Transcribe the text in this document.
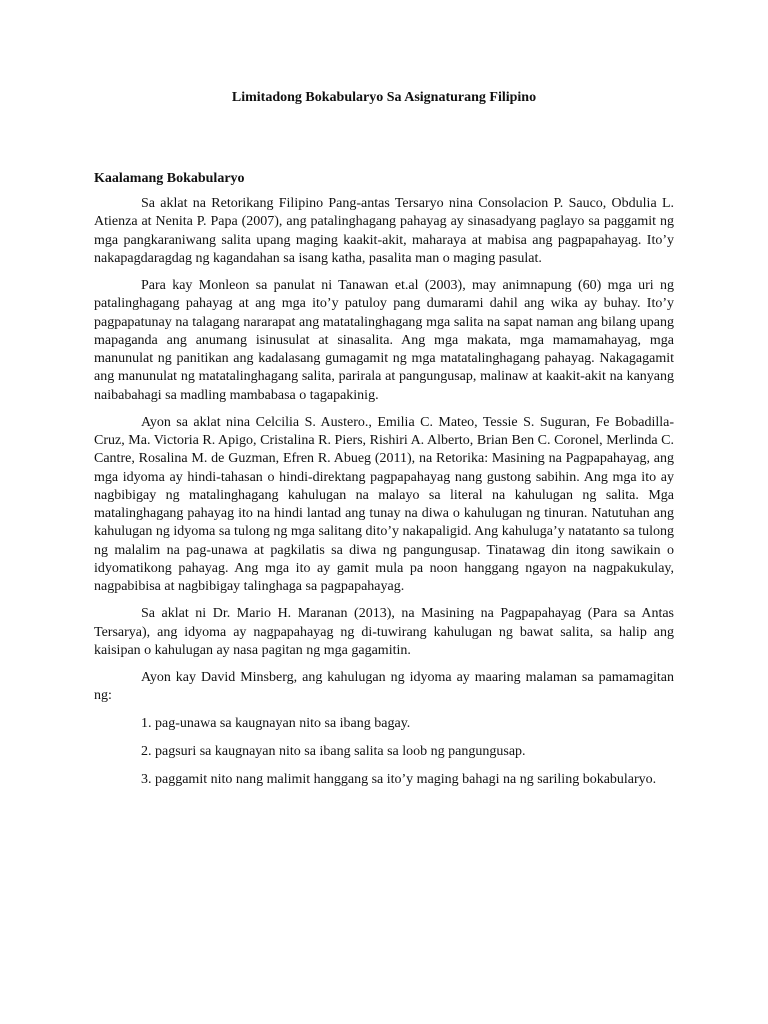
Limitadong Bokabularyo Sa Asignaturang Filipino
Kaalamang Bokabularyo

Sa aklat na Retorikang Filipino Pang-antas Tersaryo nina Consolacion P. Sauco, Obdulia L. Atienza at Nenita P. Papa (2007), ang patalinghagang pahayag ay sinasadyang paglayo sa paggamit ng mga pangkaraniwang salita upang maging kaakit-akit, maharaya at mabisa ang pagpapahayag. Ito’y nakapagdaragdag ng kagandahan sa isang katha, pasalita man o maging pasulat.

Para kay Monleon sa panulat ni Tanawan et.al (2003), may animnapung (60) mga uri ng patalinghagang pahayag at ang mga ito’y patuloy pang dumarami dahil ang wika ay buhay. Ito’y pagpapatunay na talagang nararapat ang matatalinghagang mga salita na sapat naman ang bilang upang mapaganda ang anumang isinusulat at sinasalita. Ang mga makata, mga mamamahayag, mga manunulat ng panitikan ang kadalasang gumagamit ng mga matatalinghagang pahayag. Nakagagamit ang manunulat ng matatalinghagang salita, parirala at pangungusap, malinaw at kaakit-akit na kanyang naibabahagi sa madling mambabasa o tagapakinig.

Ayon sa aklat nina Celcilia S. Austero., Emilia C. Mateo, Tessie S. Suguran, Fe Bobadilla-Cruz, Ma. Victoria R. Apigo, Cristalina R. Piers, Rishiri A. Alberto, Brian Ben C. Coronel, Merlinda C. Cantre, Rosalina M. de Guzman, Efren R. Abueg (2011), na Retorika: Masining na Pagpapahayag, ang mga idyoma ay hindi-tahasan o hindi-direktang pagpapahayag nang gustong sabihin. Ang mga ito ay nagbibigay ng matalinghagang kahulugan na malayo sa literal na kahulugan ng salita. Mga matalinghagang pahayag ito na hindi lantad ang tunay na diwa o kahulugan ng tinuran. Natutuhan ang kahulugan ng idyoma sa tulong ng mga salitang dito’y nakapaligid. Ang kahuluga’y natatanto sa tulong ng malalim na pag-unawa at pagkilatis sa diwa ng pangungusap. Tinatawag din itong sawikain o idyomatikong pahayag. Ang mga ito ay gamit mula pa noon hanggang ngayon na nagpakukulay, nagpabibisa at nagbibigay talinghaga sa pagpapahayag.

Sa aklat ni Dr. Mario H. Maranan (2013), na Masining na Pagpapahayag (Para sa Antas Tersarya), ang idyoma ay nagpapahayag ng di-tuwirang kahulugan ng bawat salita, sa halip ang kaisipan o kahulugan ay nasa pagitan ng mga gagamitin.

Ayon kay David Minsberg, ang kahulugan ng idyoma ay maaring malaman sa pamamagitan ng:

1. pag-unawa sa kaugnayan nito sa ibang bagay.

2. pagsuri sa kaugnayan nito sa ibang salita sa loob ng pangungusap.

3. paggamit nito nang malimit hanggang sa ito’y maging bahagi na ng sariling bokabularyo.
